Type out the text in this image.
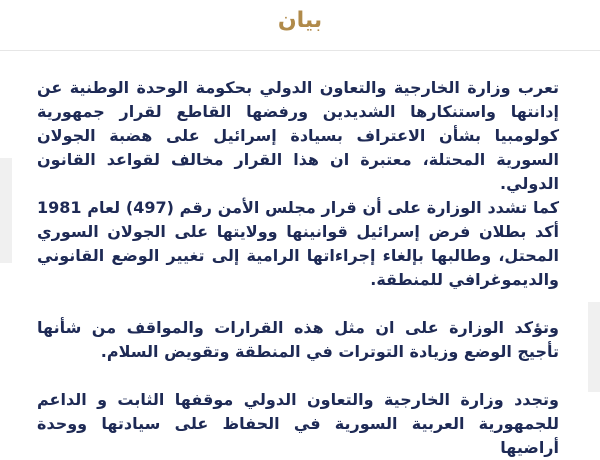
بيان
تعرب وزارة الخارجية والتعاون الدولي بحكومة الوحدة الوطنية عن إدانتها واستنكارها الشديدين ورفضها القاطع لقرار جمهورية كولومبيا بشأن الاعتراف بسيادة إسرائيل على هضبة الجولان السورية المحتلة، معتبرة ان هذا القرار مخالف لقواعد القانون الدولي.
كما تشدد الوزارة على أن قرار مجلس الأمن رقم (497) لعام 1981 أكد بطلان فرض إسرائيل قوانينها وولايتها على الجولان السوري المحتل، وطالبها بإلغاء إجراءاتها الرامية إلى تغيير الوضع القانوني والديموغرافي للمنطقة.
وتؤكد الوزارة على ان مثل هذه القرارات والمواقف من شأنها تأجيج الوضع وزيادة التوترات في المنطقة وتقويض السلام.
وتجدد وزارة الخارجية والتعاون الدولي موقفها الثابت و الداعم للجمهورية العربية السورية في الحفاظ على سيادتها ووحدة أراضيها
